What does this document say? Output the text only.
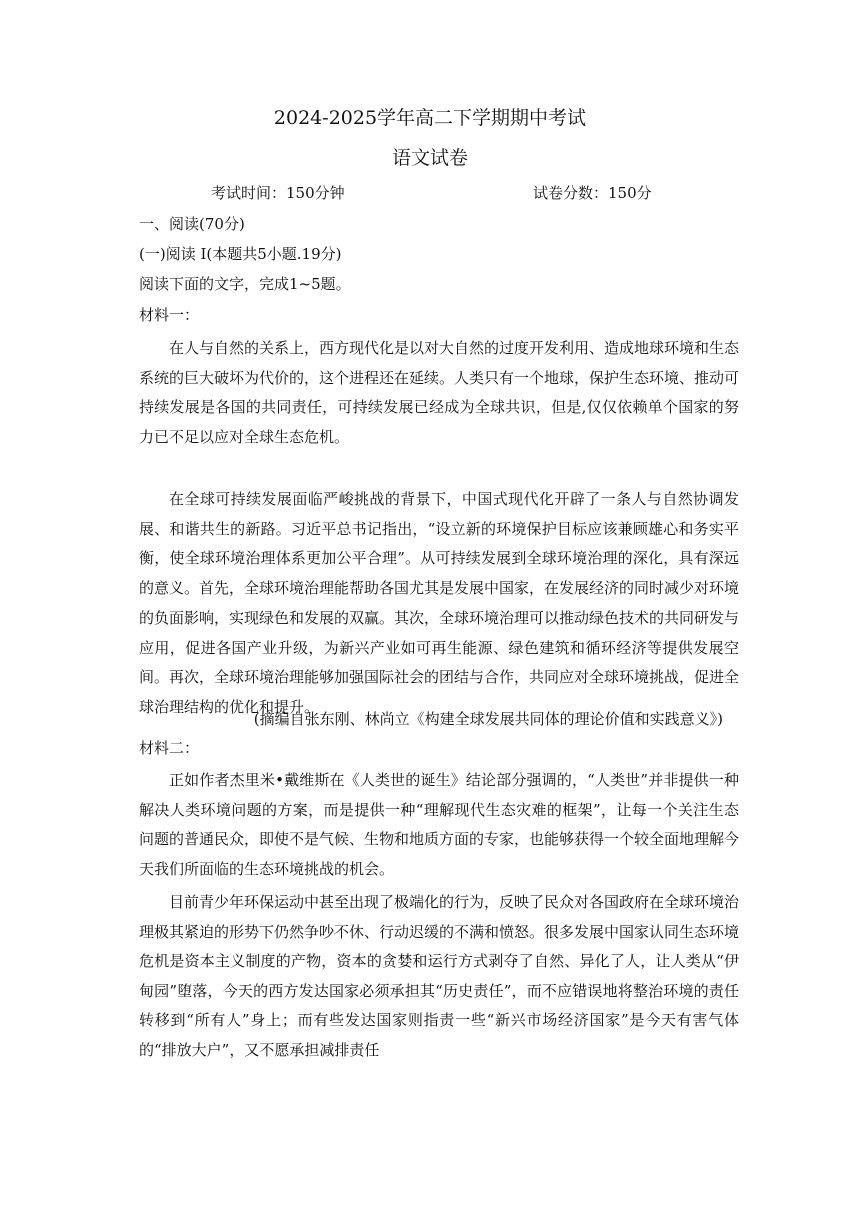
2024-2025学年高二下学期期中考试
语文试卷
考试时间：150分钟	试卷分数：150分
一、阅读(70分)
(一)阅读 I(本题共5小题.19分)
阅读下面的文字，完成1~5题。
材料一：

在人与自然的关系上，西方现代化是以对大自然的过度开发利用、造成地球环境和生态系统的巨大破坏为代价的，这个进程还在延续。人类只有一个地球，保护生态环境、推动可持续发展是各国的共同责任，可持续发展已经成为全球共识，但是,仅仅依赖单个国家的努力已不足以应对全球生态危机。

在全球可持续发展面临严峻挑战的背景下，中国式现代化开辟了一条人与自然协调发展、和谐共生的新路。习近平总书记指出，“设立新的环境保护目标应该兼顾雄心和务实平衡，使全球环境治理体系更加公平合理”。从可持续发展到全球环境治理的深化，具有深远的意义。首先，全球环境治理能帮助各国尤其是发展中国家，在发展经济的同时减少对环境的负面影响，实现绿色和发展的双赢。其次，全球环境治理可以推动绿色技术的共同研发与应用，促进各国产业升级，为新兴产业如可再生能源、绿色建筑和循环经济等提供发展空间。再次，全球环境治理能够加强国际社会的团结与合作，共同应对全球环境挑战，促进全球治理结构的优化和提升。

(摘编自张东刚、林尚立《构建全球发展共同体的理论价值和实践意义》)
材料二：

正如作者杰里米•戴维斯在《人类世的诞生》结论部分强调的，“人类世”并非提供一种解决人类环境问题的方案，而是提供一种“理解现代生态灾难的框架”，让每一个关注生态问题的普通民众，即使不是气候、生物和地质方面的专家，也能够获得一个较全面地理解今天我们所面临的生态环境挑战的机会。

目前青少年环保运动中甚至出现了极端化的行为，反映了民众对各国政府在全球环境治理极其紧迫的形势下仍然争吵不休、行动迟缓的不满和愤怒。很多发展中国家认同生态环境危机是资本主义制度的产物，资本的贪婪和运行方式剥夺了自然、异化了人，让人类从“伊甸园”堕落，今天的西方发达国家必须承担其“历史责任”，而不应错误地将整治环境的责任转移到“所有人”身上；而有些发达国家则指责一些“新兴市场经济国家”是今天有害气体的“排放大户”，又不愿承担减排责任
